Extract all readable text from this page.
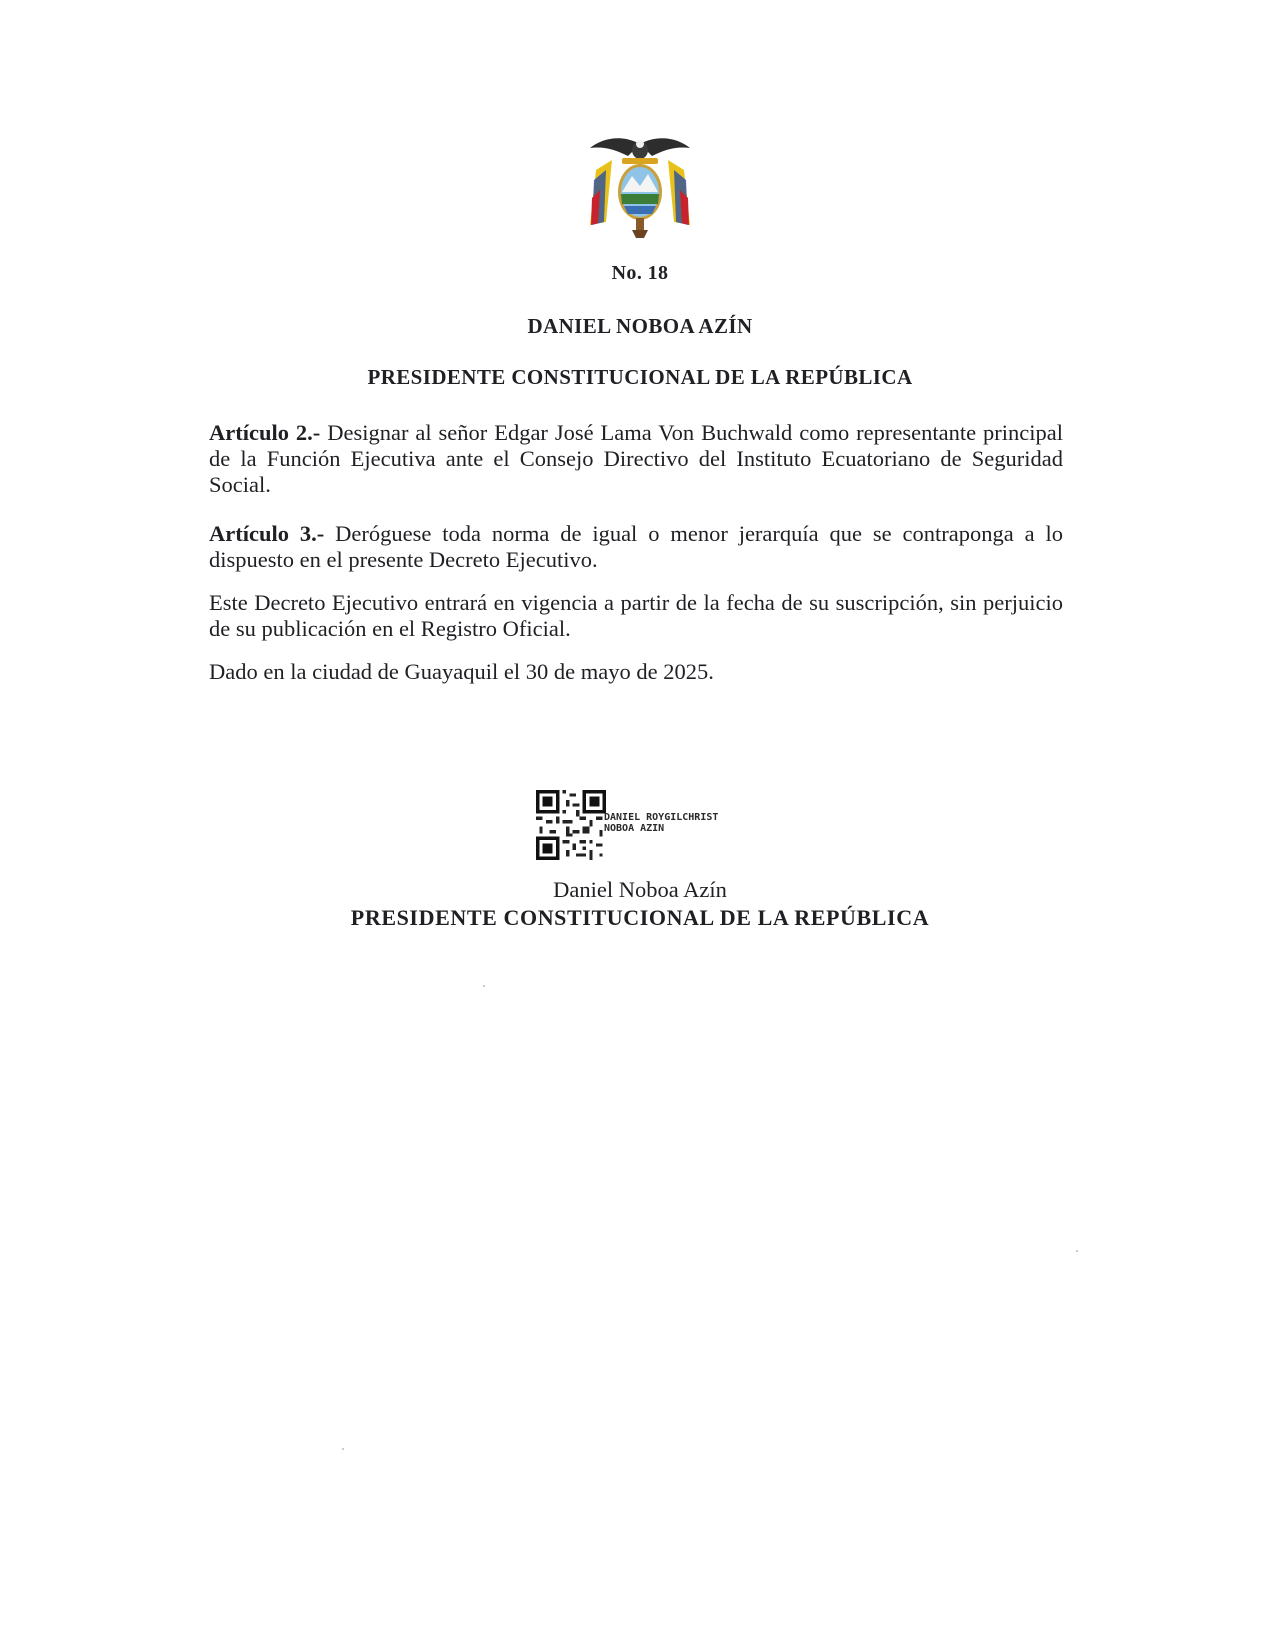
No. 18
DANIEL NOBOA AZÍN
PRESIDENTE CONSTITUCIONAL DE LA REPÚBLICA
Artículo 2.- Designar al señor Edgar José Lama Von Buchwald como representante principal de la Función Ejecutiva ante el Consejo Directivo del Instituto Ecuatoriano de Seguridad Social.
Artículo 3.- Deróguese toda norma de igual o menor jerarquía que se contraponga a lo dispuesto en el presente Decreto Ejecutivo.
Este Decreto Ejecutivo entrará en vigencia a partir de la fecha de su suscripción, sin perjuicio de su publicación en el Registro Oficial.
Dado en la ciudad de Guayaquil el 30 de mayo de 2025.
DANIEL ROYGILCHRIST
NOBOA AZIN
Daniel Noboa Azín
PRESIDENTE CONSTITUCIONAL DE LA REPÚBLICA
